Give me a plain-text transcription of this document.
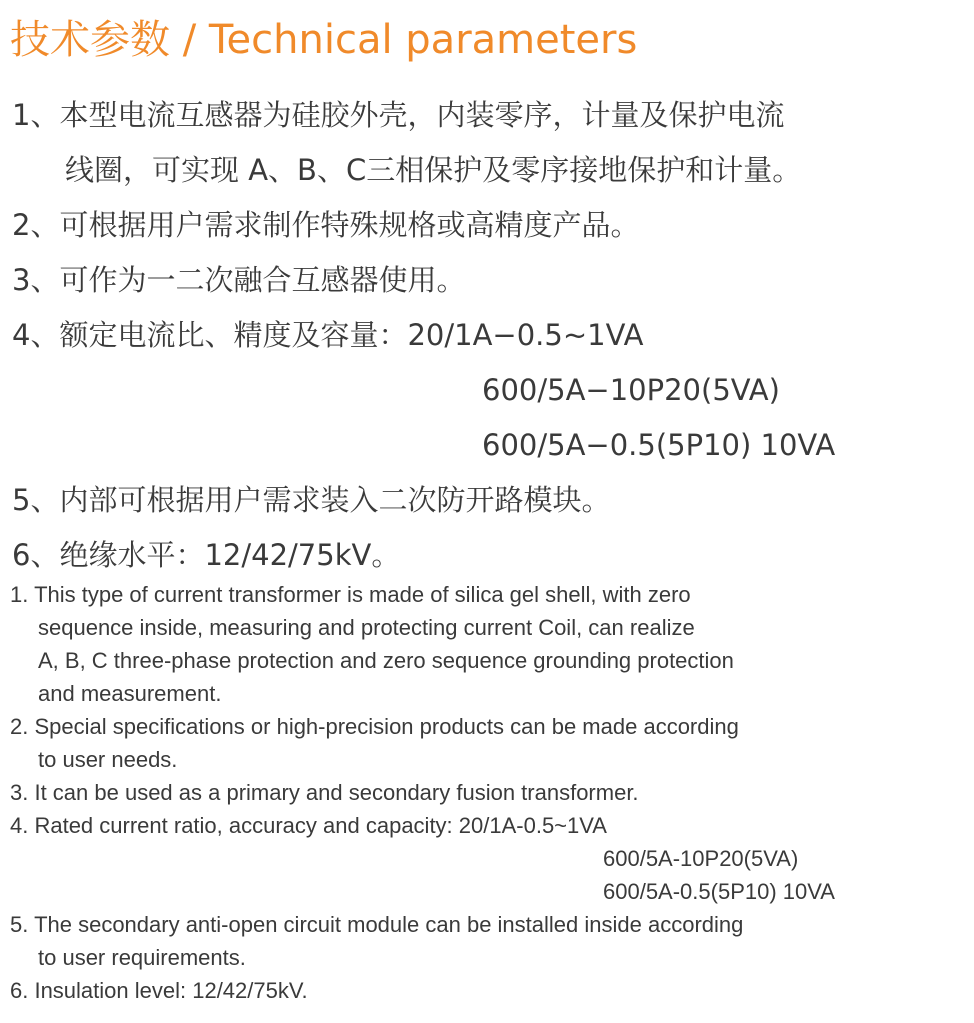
技术参数 / Technical parameters
1、本型电流互感器为硅胶外壳，内装零序，计量及保护电流
线圈，可实现 A、B、C三相保护及零序接地保护和计量。
2、可根据用户需求制作特殊规格或高精度产品。
3、可作为一二次融合互感器使用。
4、额定电流比、精度及容量：20/1A−0.5~1VA
600/5A−10P20(5VA)
600/5A−0.5(5P10) 10VA
5、内部可根据用户需求装入二次防开路模块。
6、绝缘水平：12/42/75kV。
1. This type of current transformer is made of silica gel shell, with zero
sequence inside, measuring and protecting current Coil, can realize
A, B, C three-phase protection and zero sequence grounding protection
and measurement.
2. Special specifications or high-precision products can be made according
to user needs.
3. It can be used as a primary and secondary fusion transformer.
4. Rated current ratio, accuracy and capacity: 20/1A-0.5~1VA
600/5A-10P20(5VA)
600/5A-0.5(5P10) 10VA
5. The secondary anti-open circuit module can be installed inside according
to user requirements.
6. Insulation level: 12/42/75kV.
